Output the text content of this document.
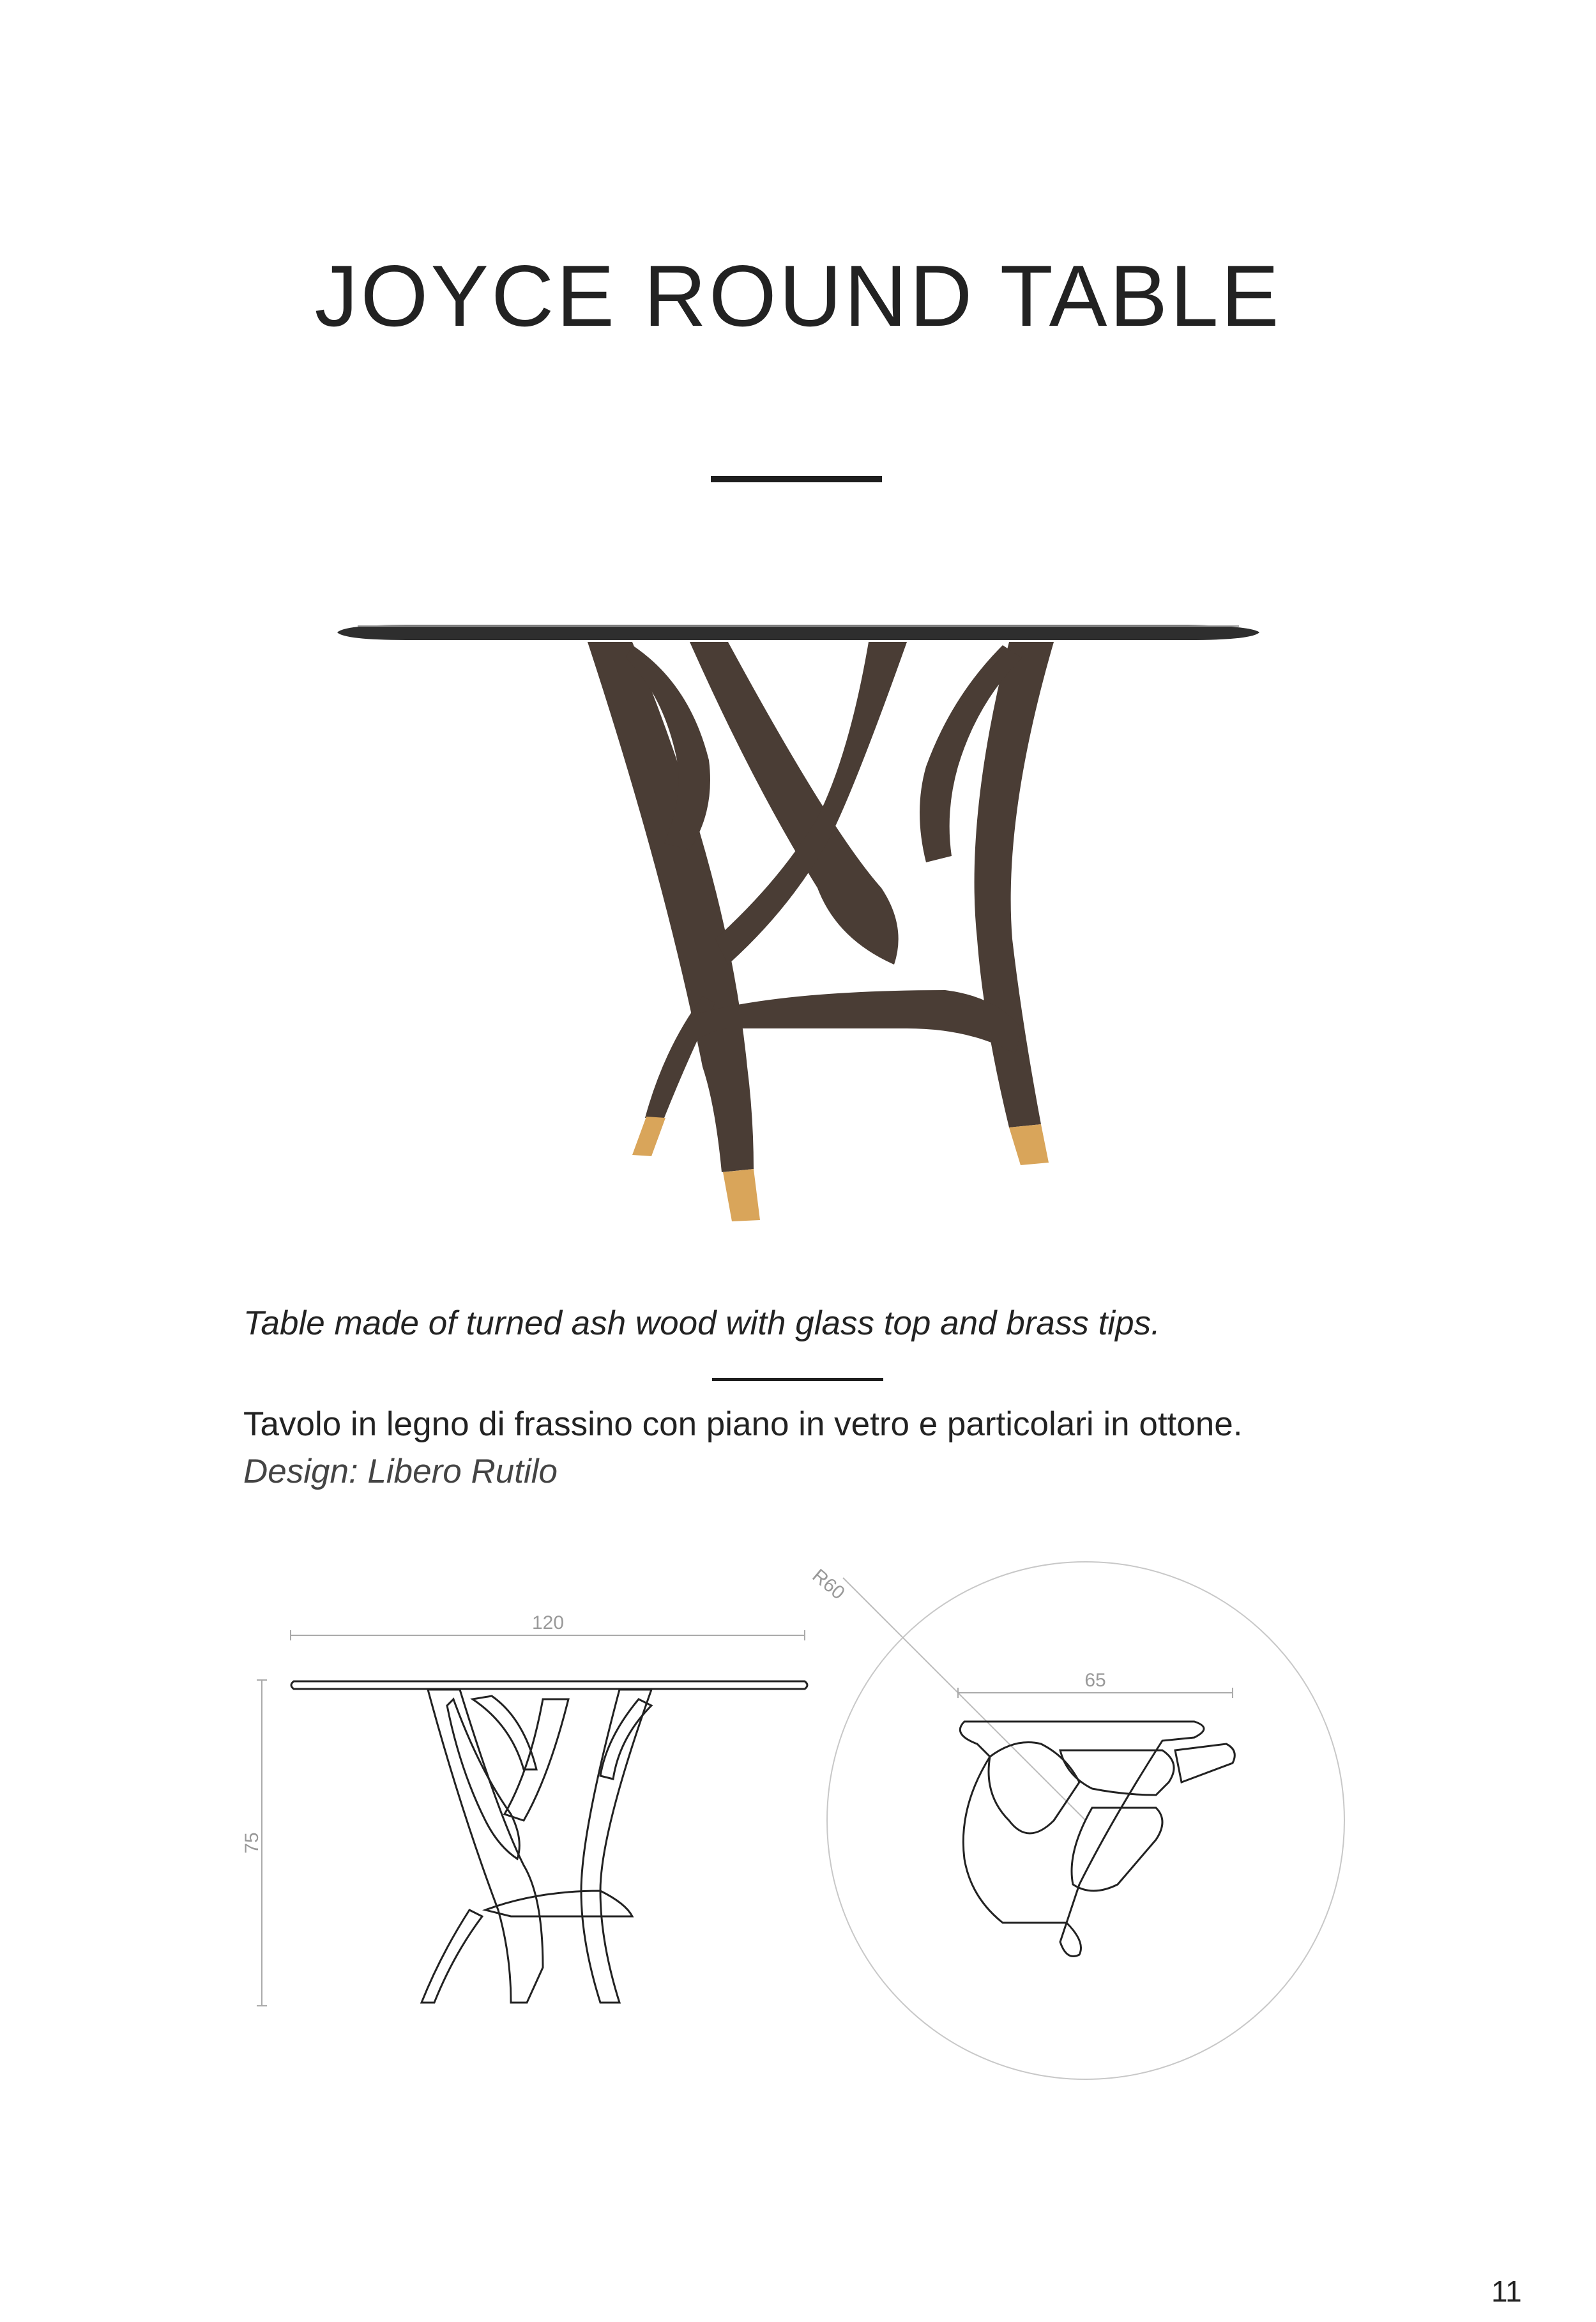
JOYCE ROUND TABLE
Table made of turned ash wood with glass top and brass tips.
Tavolo in legno di frassino con piano in vetro e particolari in ottone.
Design: Libero Rutilo
120
75
R60
65
11
